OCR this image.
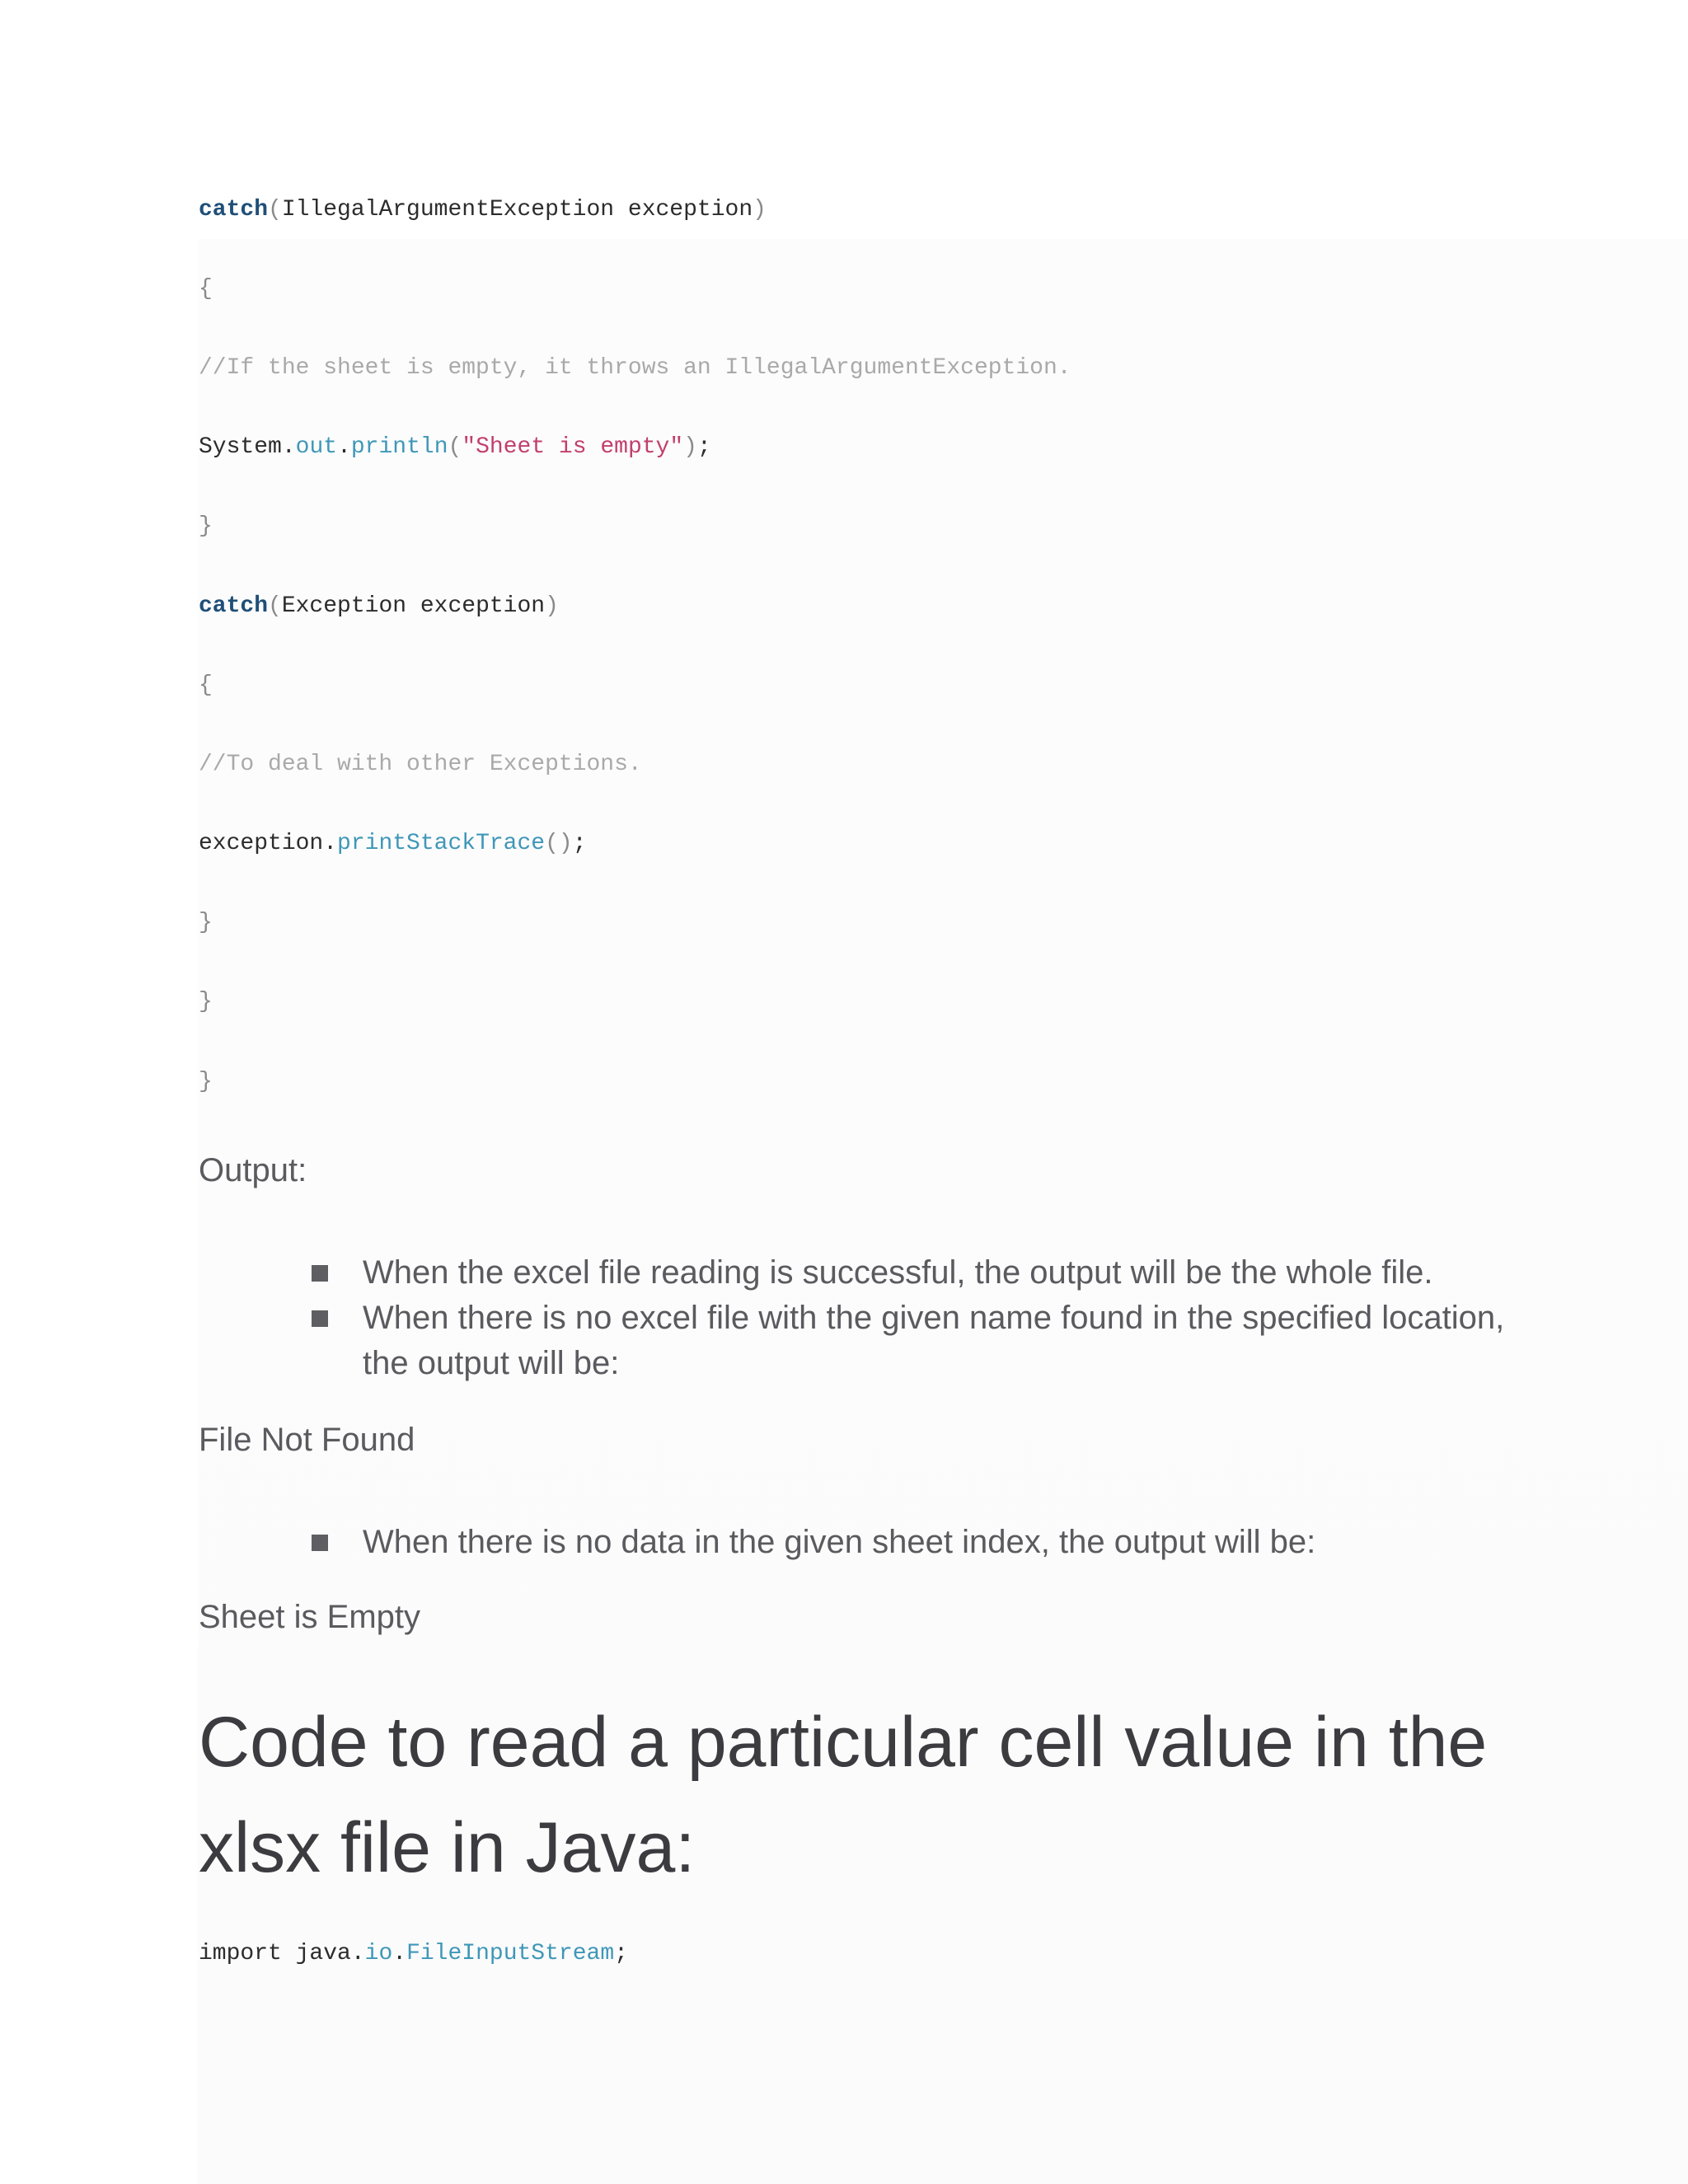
catch(IllegalArgumentException exception)
{
//If the sheet is empty, it throws an IllegalArgumentException.
System.out.println("Sheet is empty");
}
catch(Exception exception)
{
//To deal with other Exceptions.
exception.printStackTrace();
}
}
}
Output:
When the excel file reading is successful, the output will be the whole file.
When there is no excel file with the given name found in the specified location, the output will be:
File Not Found
When there is no data in the given sheet index, the output will be:
Sheet is Empty
Code to read a particular cell value in the xlsx file in Java:
import java.io.FileInputStream;
